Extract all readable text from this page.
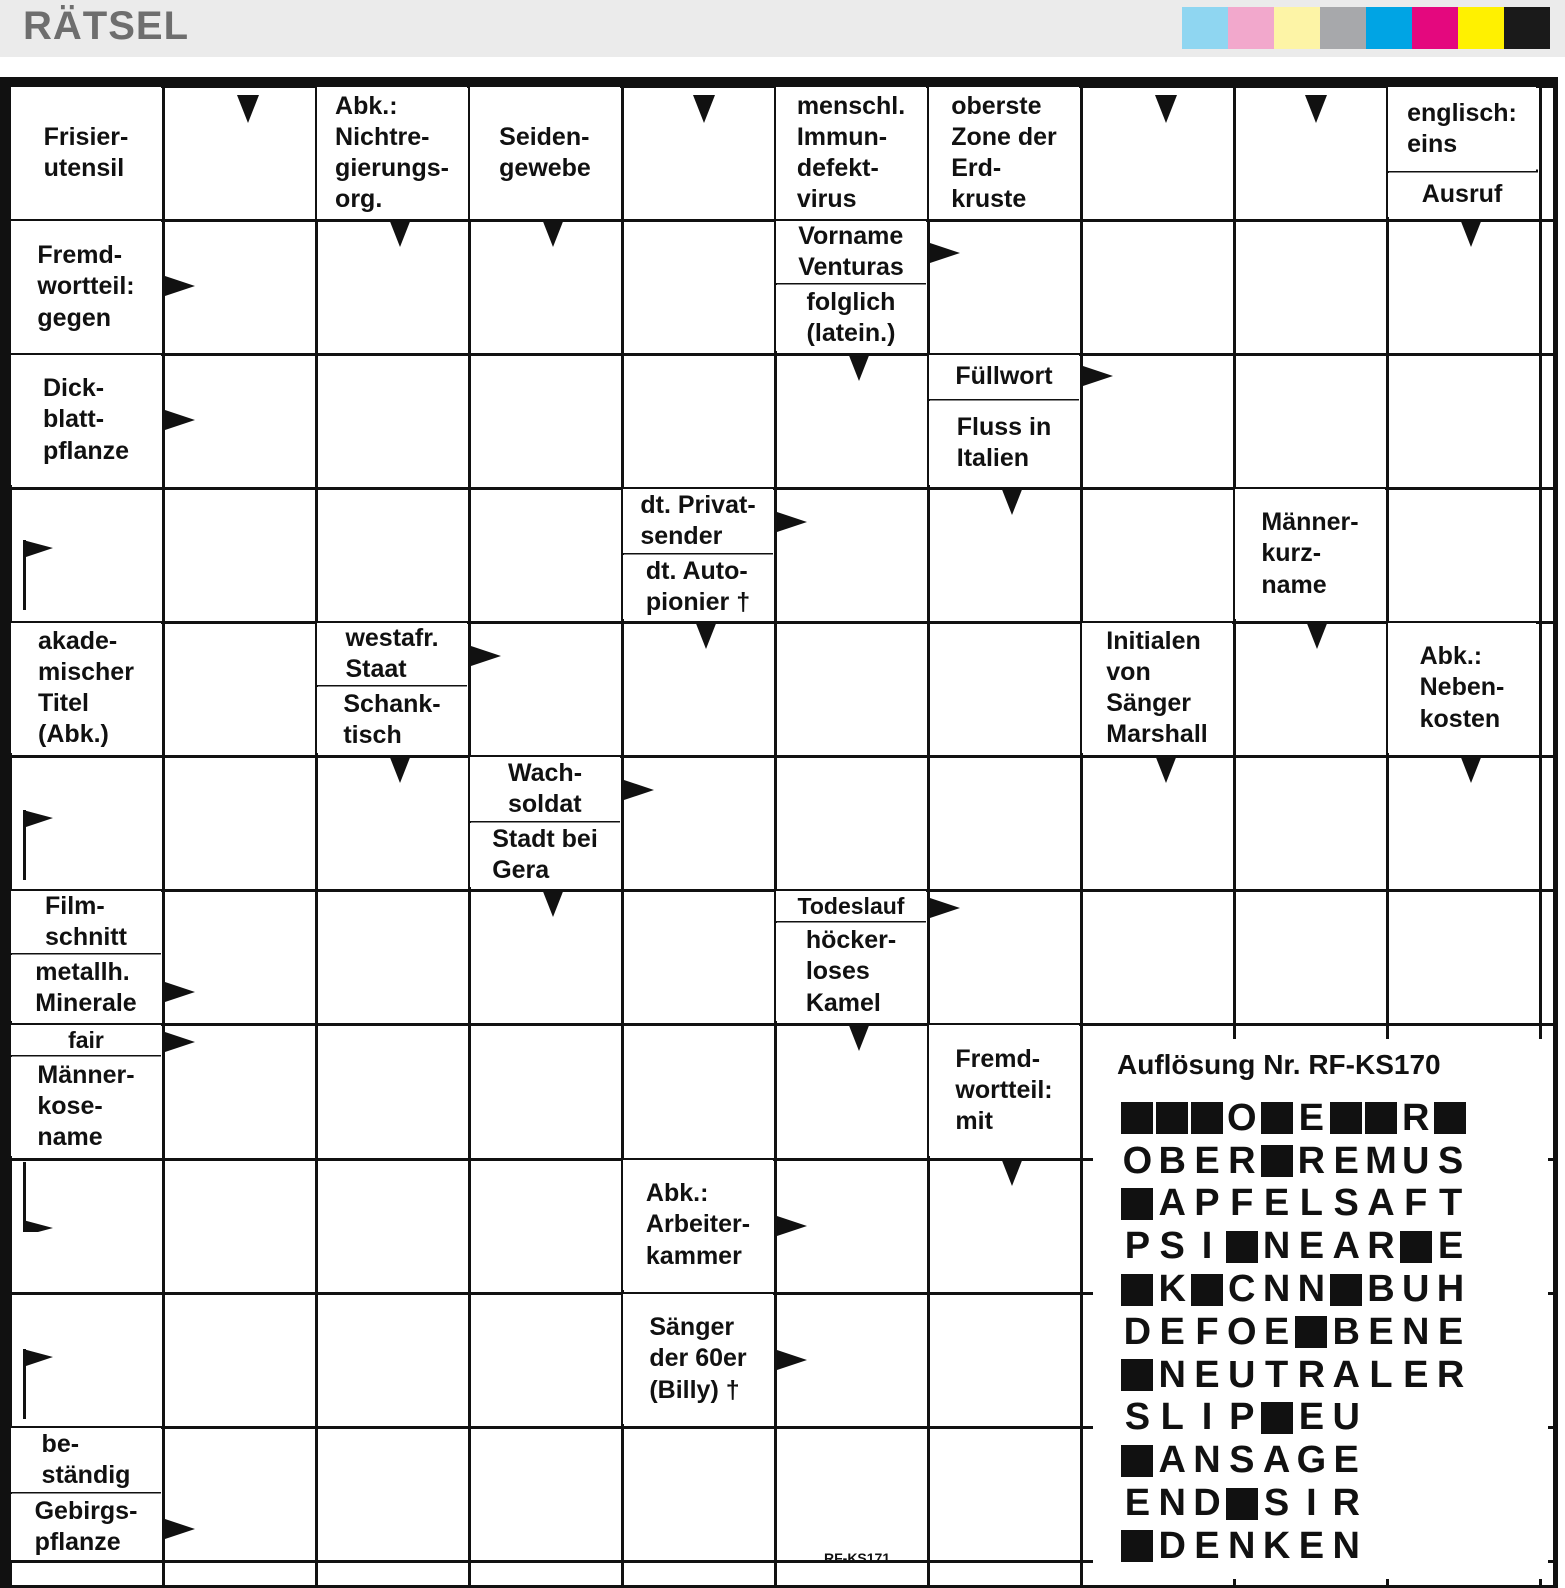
RÄTSEL
Frisier-
utensil
Abk.:
Nichtre-
gierungs-
org.
Seiden-
gewebe
menschl.
Immun-
defekt-
virus
oberste
Zone der
Erd-
kruste
englisch:
eins
Ausruf
Fremd-
wortteil:
gegen
Vorname
Venturas
folglich
(latein.)
Dick-
blatt-
pflanze
Füllwort
Fluss in
Italien
dt. Privat-
sender
dt. Auto-
pionier †
Männer-
kurz-
name
akade-
mischer
Titel
(Abk.)
westafr.
Staat
Schank-
tisch
Initialen
von
Sänger
Marshall
Abk.:
Neben-
kosten
Wach-
soldat
Stadt bei
Gera
Film-
schnitt
metallh.
Minerale
Todeslauf
höcker-
loses
Kamel
fair
Männer-
kose-
name
Fremd-
wortteil:
mit
Abk.:
Arbeiter-
kammer
Sänger
der 60er
(Billy) †
be-
ständig
Gebirgs-
pflanze
Auflösung Nr. RF-KS170
O E R
O B E R R E M U S
A P F E L S A F T
P S I	N E A R E
K C N N B U H
D E F O E B E N E
N E U T R A L E R
S L I P E U
A N S A G E
E N D S I R
D E N K E N
RF-KS171
